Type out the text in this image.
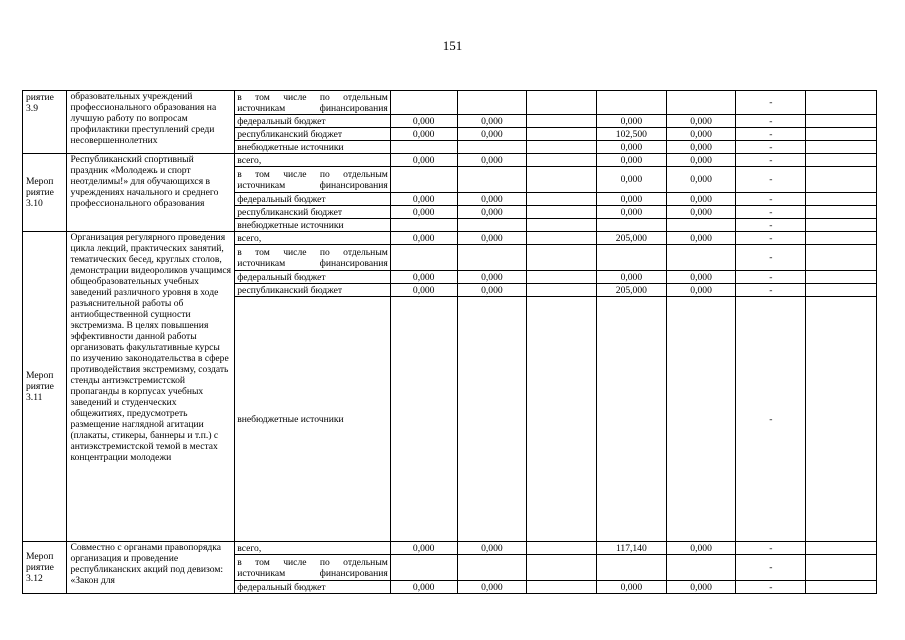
151
риятие 3.9	образовательных учреждений профессионального образования на лучшую работу по вопросам профилактики преступлений среди несовершеннолетних	в том числе по отдельным источникам финансирования						-	
		федеральный бюджет	0,000	0,000		0,000	0,000	-	
		республиканский бюджет	0,000	0,000		102,500	0,000	-	
		внебюджетные источники				0,000	0,000	-	
Мероп риятие 3.10	Республиканский спортивный праздник «Молодежь и спорт неотделимы!» для обучающихся в учреждениях начального и среднего профессионального образования	всего,	0,000	0,000		0,000	0,000	-	
		в том числе по отдельным источникам финансирования				0,000	0,000	-	
		федеральный бюджет	0,000	0,000		0,000	0,000	-	
		республиканский бюджет	0,000	0,000		0,000	0,000	-	
		внебюджетные источники						-	
Мероп риятие 3.11	Организация регулярного проведения цикла лекций, практических занятий, тематических бесед, круглых столов, демонстрации видеороликов учащимся общеобразовательных учебных заведений различного уровня в ходе разъяснительной работы об антиобщественной сущности экстремизма. В целях повышения эффективности данной работы организовать факультативные курсы по изучению законодательства в сфере противодействия экстремизму, создать стенды антиэкстремистской пропаганды в корпусах учебных заведений и студенческих общежитиях, предусмотреть размещение наглядной агитации (плакаты, стикеры, баннеры и т.п.) с антиэкстремистской темой в местах концентрации молодежи	всего,	0,000	0,000		205,000	0,000	-	
		в том числе по отдельным источникам финансирования						-	
		федеральный бюджет	0,000	0,000		0,000	0,000	-	
		республиканский бюджет	0,000	0,000		205,000	0,000	-	
		внебюджетные источники						-	
Мероп риятие 3.12	Совместно с органами правопорядка организация и проведение республиканских акций под девизом: «Закон для	всего,	0,000	0,000		117,140	0,000	-	
		в том числе по отдельным источникам финансирования						-	
		федеральный бюджет	0,000	0,000		0,000	0,000	-	
